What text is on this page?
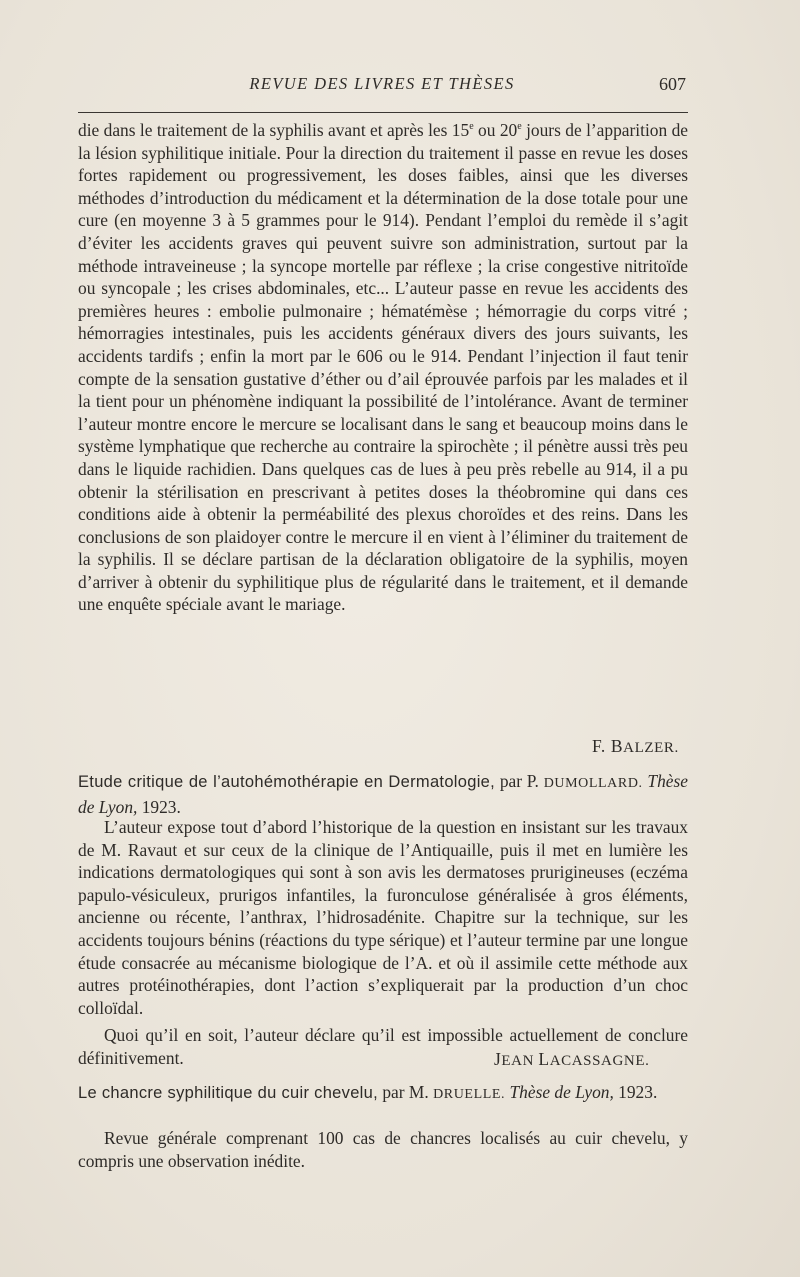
REVUE DES LIVRES ET THÈSES	607

die dans le traitement de la syphilis avant et après les 15e ou 20e jours de l’apparition de la lésion syphilitique initiale. Pour la direction du traitement il passe en revue les doses fortes rapidement ou progressivement, les doses faibles, ainsi que les diverses méthodes d’introduction du médicament et la détermination de la dose totale pour une cure (en moyenne 3 à 5 grammes pour le 914). Pendant l’emploi du remède il s’agit d’éviter les accidents graves qui peuvent suivre son administration, surtout par la méthode intraveineuse ; la syncope mortelle par réflexe ; la crise congestive nitritoïde ou syncopale ; les crises abdominales, etc... L’auteur passe en revue les accidents des premières heures : embolie pulmonaire ; hématémèse ; hémorragie du corps vitré ; hémorragies intestinales, puis les accidents généraux divers des jours suivants, les accidents tardifs ; enfin la mort par le 606 ou le 914. Pendant l’injection il faut tenir compte de la sensation gustative d’éther ou d’ail éprouvée parfois par les malades et il la tient pour un phénomène indiquant la possibilité de l’intolérance. Avant de terminer l’auteur montre encore le mercure se localisant dans le sang et beaucoup moins dans le système lymphatique que recherche au contraire la spirochète ; il pénètre aussi très peu dans le liquide rachidien. Dans quelques cas de lues à peu près rebelle au 914, il a pu obtenir la stérilisation en prescrivant à petites doses la théobromine qui dans ces conditions aide à obtenir la perméabilité des plexus choroïdes et des reins. Dans les conclusions de son plaidoyer contre le mercure il en vient à l’éliminer du traitement de la syphilis. Il se déclare partisan de la déclaration obligatoire de la syphilis, moyen d’arriver à obtenir du syphilitique plus de régularité dans le traitement, et il demande une enquête spéciale avant le mariage.

F. BALZER.

Etude critique de l’autohémothérapie en Dermatologie, par P. DUMOLLARD. Thèse de Lyon, 1923.

L’auteur expose tout d’abord l’historique de la question en insistant sur les travaux de M. Ravaut et sur ceux de la clinique de l’Antiquaille, puis il met en lumière les indications dermatologiques qui sont à son avis les dermatoses prurigineuses (eczéma papulo-vésiculeux, prurigos infantiles, la furonculose généralisée à gros éléments, ancienne ou récente, l’anthrax, l’hidrosadénite. Chapitre sur la technique, sur les accidents toujours bénins (réactions du type sérique) et l’auteur termine par une longue étude consacrée au mécanisme biologique de l’A. et où il assimile cette méthode aux autres protéinothérapies, dont l’action s’expliquerait par la production d’un choc colloïdal.

Quoi qu’il en soit, l’auteur déclare qu’il est impossible actuellement de conclure définitivement.	JEAN LACASSAGNE.

Le chancre syphilitique du cuir chevelu, par M. DRUELLE. Thèse de Lyon, 1923.

Revue générale comprenant 100 cas de chancres localisés au cuir chevelu, y compris une observation inédite.
